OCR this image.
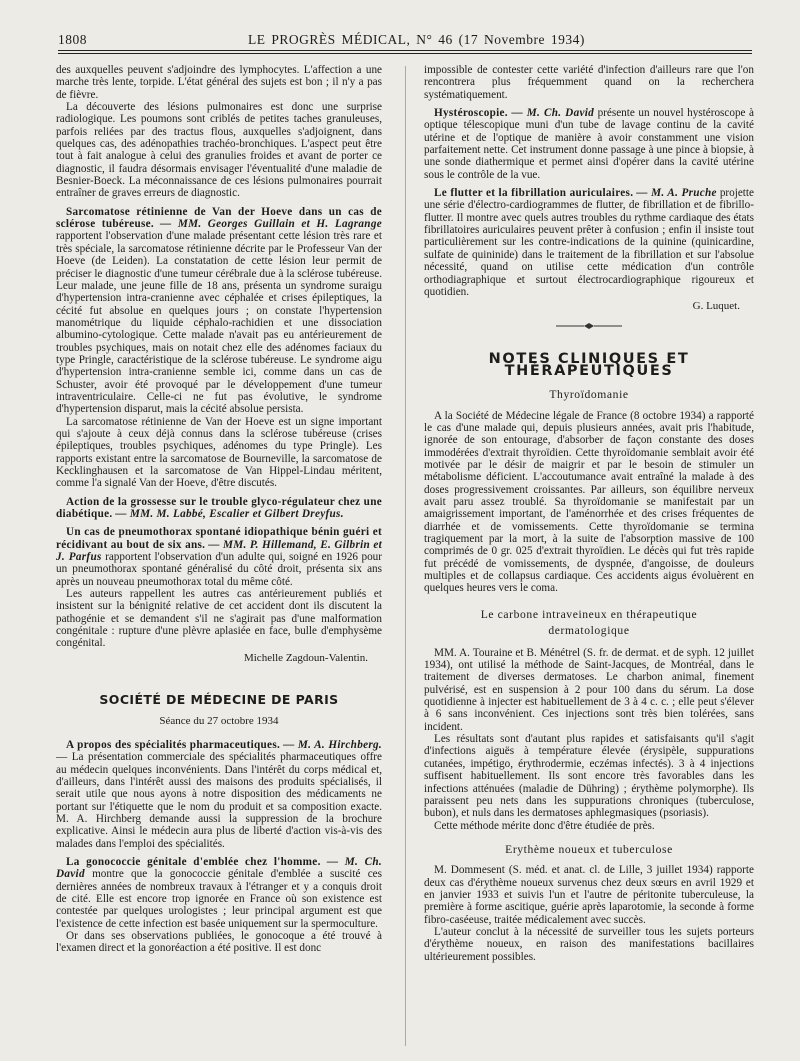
1808	LE PROGRÈS MÉDICAL, N° 46 (17 Novembre 1934)

des auxquelles peuvent s'adjoindre des lymphocytes. L'affection a une marche très lente, torpide. L'état général des sujets est bon ; il n'y a pas de fièvre.

La découverte des lésions pulmonaires est donc une surprise radiologique. Les poumons sont criblés de petites taches granuleuses, parfois reliées par des tractus flous, auxquelles s'adjoignent, dans quelques cas, des adénopathies trachéo-bronchiques. L'aspect peut être tout à fait analogue à celui des granulies froides et avant de porter ce diagnostic, il faudra désormais envisager l'éventualité d'une maladie de Besnier-Boeck. La méconnaissance de ces lésions pulmonaires pourrait entraîner de graves erreurs de diagnostic.

Sarcomatose rétinienne de Van der Hoeve dans un cas de sclérose tubéreuse. — MM. Georges Guillain et H. Lagrange rapportent l'observation d'une malade présentant cette lésion très rare et très spéciale, la sarcomatose rétinienne décrite par le Professeur Van der Hoeve (de Leiden). La constatation de cette lésion leur permit de préciser le diagnostic d'une tumeur cérébrale due à la sclérose tubéreuse. Leur malade, une jeune fille de 18 ans, présenta un syndrome suraigu d'hypertension intra-cranienne avec céphalée et crises épileptiques, la cécité fut absolue en quelques jours ; on constate l'hypertension manométrique du liquide céphalo-rachidien et une dissociation albumino-cytologique. Cette malade n'avait pas eu antérieurement de troubles psychiques, mais on notait chez elle des adénomes faciaux du type Pringle, caractéristique de la sclérose tubéreuse. Le syndrome aigu d'hypertension intra-cranienne semble ici, comme dans un cas de Schuster, avoir été provoqué par le développement d'une tumeur intraventriculaire. Celle-ci ne fut pas évolutive, le syndrome d'hypertension disparut, mais la cécité absolue persista.

La sarcomatose rétinienne de Van der Hoeve est un signe important qui s'ajoute à ceux déjà connus dans la sclérose tubéreuse (crises épileptiques, troubles psychiques, adénomes du type Pringle). Les rapports existant entre la sarcomatose de Bourneville, la sarcomatose de Kecklinghausen et la sarcomatose de Van Hippel-Lindau méritent, comme l'a signalé Van der Hoeve, d'être discutés.

Action de la grossesse sur le trouble glyco-régulateur chez une diabétique. — MM. M. Labbé, Escalier et Gilbert Dreyfus.

Un cas de pneumothorax spontané idiopathique bénin guéri et récidivant au bout de six ans. — MM. P. Hillemand, E. Gilbrin et J. Parfus rapportent l'observation d'un adulte qui, soigné en 1926 pour un pneumothorax spontané généralisé du côté droit, présenta six ans après un nouveau pneumothorax total du même côté.

Les auteurs rappellent les autres cas antérieurement publiés et insistent sur la bénignité relative de cet accident dont ils discutent la pathogénie et se demandent s'il ne s'agirait pas d'une malformation congénitale : rupture d'une plèvre aplasiée en face, bulle d'emphysème congénital.

Michelle Zagdoun-Valentin.
SOCIÉTÉ DE MÉDECINE DE PARIS
Séance du 27 octobre 1934

A propos des spécialités pharmaceutiques. — M. A. Hirchberg. — La présentation commerciale des spécialités pharmaceutiques offre au médecin quelques inconvénients. Dans l'intérêt du corps médical et, d'ailleurs, dans l'intérêt aussi des maisons des produits spécialisés, il serait utile que nous ayons à notre disposition des médicaments ne portant sur l'étiquette que le nom du produit et sa composition exacte. M. A. Hirchberg demande aussi la suppression de la brochure explicative. Ainsi le médecin aura plus de liberté d'action vis-à-vis des malades dans l'emploi des spécialités.

La gonococcie génitale d'emblée chez l'homme. — M. Ch. David montre que la gonococcie génitale d'emblée a suscité ces dernières années de nombreux travaux à l'étranger et y a conquis droit de cité. Elle est encore trop ignorée en France où son existence est contestée par quelques urologistes ; leur principal argument est que l'existence de cette infection est basée uniquement sur la spermoculture.

Or dans ses observations publiées, le gonocoque a été trouvé à l'examen direct et la gonoréaction a été positive. Il est donc

impossible de contester cette variété d'infection d'ailleurs rare que l'on rencontrera plus fréquemment quand on la recherchera systématiquement.

Hystéroscopie. — M. Ch. David présente un nouvel hystéroscope à optique télescopique muni d'un tube de lavage continu de la cavité utérine et de l'optique de manière à avoir constamment une vision parfaitement nette. Cet instrument donne passage à une pince à biopsie, à une sonde diathermique et permet ainsi d'opérer dans la cavité utérine sous le contrôle de la vue.

Le flutter et la fibrillation auriculaires. — M. A. Pruche projette une série d'électro-cardiogrammes de flutter, de fibrillation et de fibrillo-flutter. Il montre avec quels autres troubles du rythme cardiaque des états fibrillatoires auriculaires peuvent prêter à confusion ; enfin il insiste tout particulièrement sur les contre-indications de la quinine (quinicardine, sulfate de quininide) dans le traitement de la fibrillation et sur l'absolue nécessité, quand on utilise cette médication d'un contrôle orthodiagraphique et surtout électrocardiographique rigoureux et quotidien.

G. Luquet.
NOTES CLINIQUES ET THÉRAPEUTIQUES
Thyroïdomanie

A la Société de Médecine légale de France (8 octobre 1934) a rapporté le cas d'une malade qui, depuis plusieurs années, avait pris l'habitude, ignorée de son entourage, d'absorber de façon constante des doses immodérées d'extrait thyroïdien. Cette thyroïdomanie semblait avoir été motivée par le désir de maigrir et par le besoin de stimuler un métabolisme déficient. L'accoutumance avait entraîné la malade à des doses progressivement croissantes. Par ailleurs, son équilibre nerveux avait paru assez troublé. Sa thyroïdomanie se manifestait par un amaigrissement important, de l'aménorrhée et des crises fréquentes de diarrhée et de vomissements. Cette thyroïdomanie se termina tragiquement par la mort, à la suite de l'absorption massive de 100 comprimés de 0 gr. 025 d'extrait thyroïdien. Le décès qui fut très rapide fut précédé de vomissements, de dyspnée, d'angoisse, de douleurs multiples et de collapsus cardiaque. Ces accidents aigus évoluèrent en quelques heures vers le coma.

Le carbone intraveineux en thérapeutique
dermatologique

MM. A. Touraine et B. Ménétrel (S. fr. de dermat. et de syph. 12 juillet 1934), ont utilisé la méthode de Saint-Jacques, de Montréal, dans le traitement de diverses dermatoses. Le charbon animal, finement pulvérisé, est en suspension à 2 pour 100 dans du sérum. La dose quotidienne à injecter est habituellement de 3 à 4 c. c. ; elle peut s'élever à 6 sans inconvénient. Ces injections sont très bien tolérées, sans incident.

Les résultats sont d'autant plus rapides et satisfaisants qu'il s'agit d'infections aiguës à température élevée (érysipèle, suppurations cutanées, impétigo, érythrodermie, eczémas infectés). 3 à 4 injections suffisent habituellement. Ils sont encore très favorables dans les infections atténuées (maladie de Dühring) ; érythème polymorphe). Ils paraissent peu nets dans les suppurations chroniques (tuberculose, bubon), et nuls dans les dermatoses aphlegmasiques (psoriasis).

Cette méthode mérite donc d'être étudiée de près.

Erythème noueux et tuberculose

M. Dommesent (S. méd. et anat. cl. de Lille, 3 juillet 1934) rapporte deux cas d'érythème noueux survenus chez deux sœurs en avril 1929 et en janvier 1933 et suivis l'un et l'autre de péritonite tuberculeuse, la première à forme ascitique, guérie après laparotomie, la seconde à forme fibro-caséeuse, traitée médicalement avec succès.

L'auteur conclut à la nécessité de surveiller tous les sujets porteurs d'érythème noueux, en raison des manifestations bacillaires ultérieurement possibles.
